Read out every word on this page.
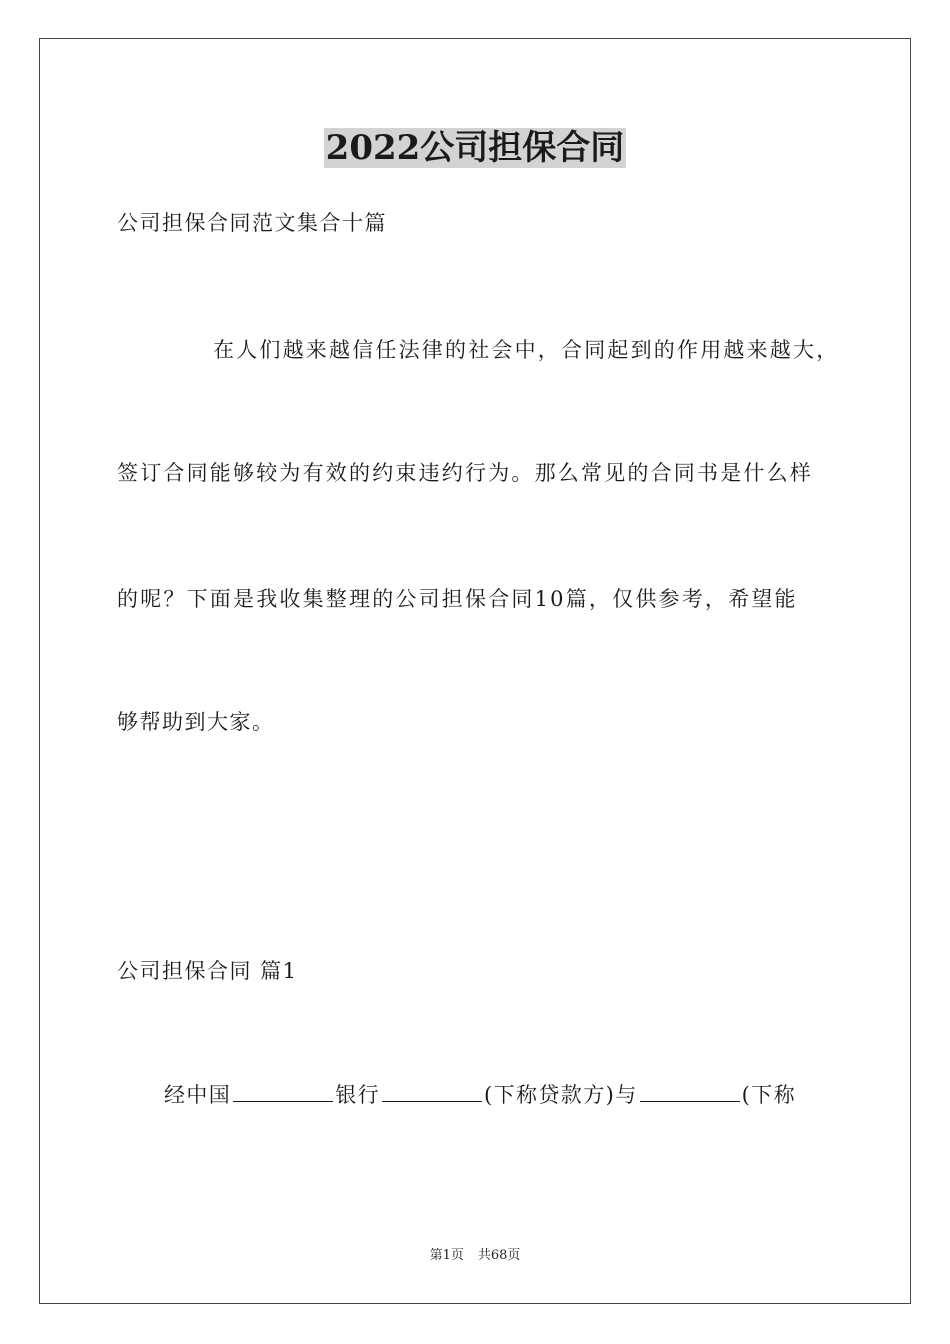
2022公司担保合同
公司担保合同范文集合十篇
在人们越来越信任法律的社会中，合同起到的作用越来越大，
签订合同能够较为有效的约束违约行为。那么常见的合同书是什么样
的呢？下面是我收集整理的公司担保合同10篇，仅供参考，希望能
够帮助到大家。
公司担保合同 篇1
经中国	银行	(下称贷款方)与	(下称
第1页 共68页
